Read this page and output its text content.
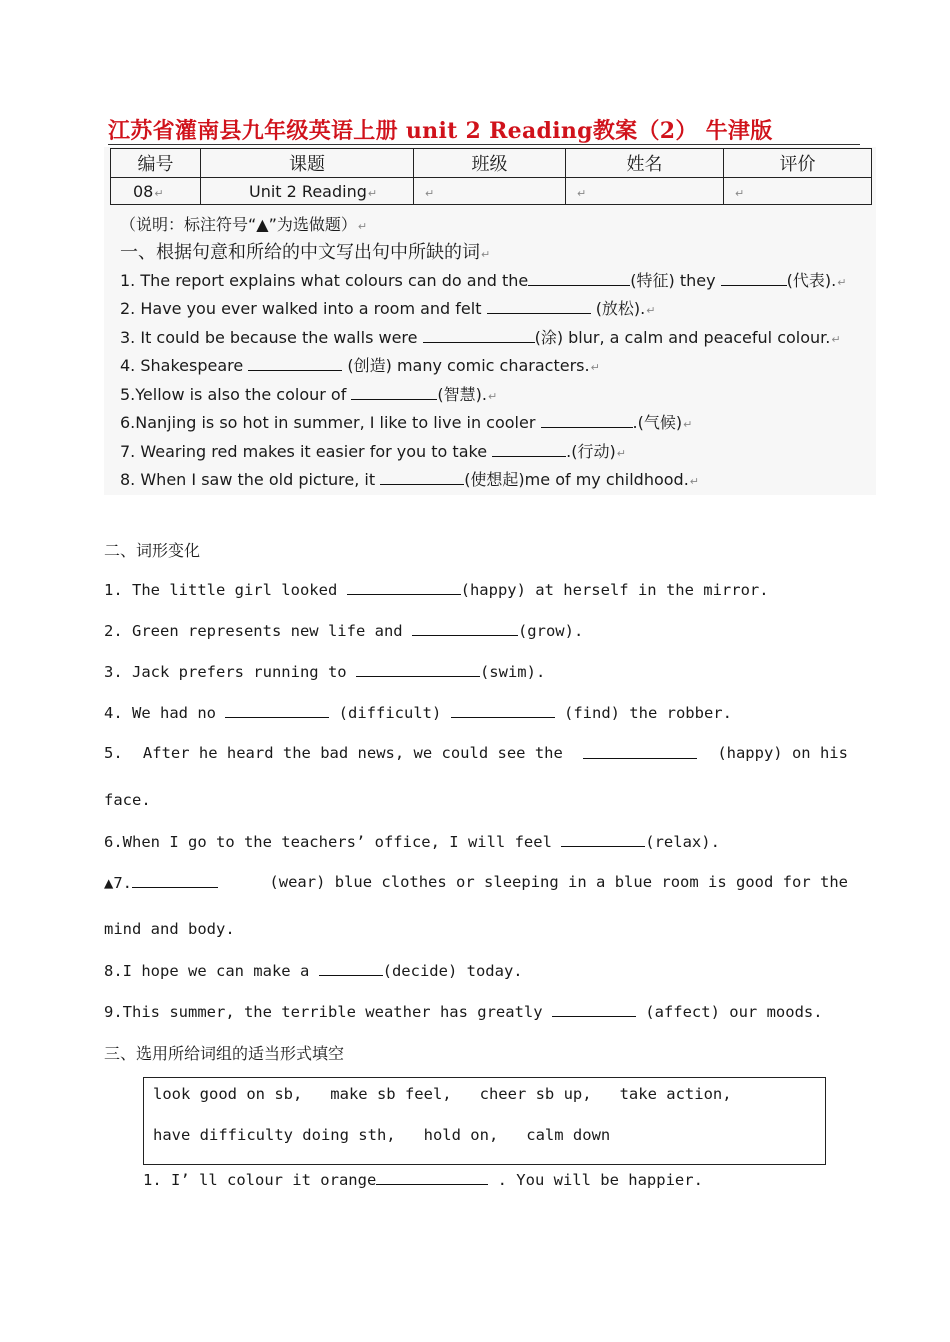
江苏省灌南县九年级英语上册 unit 2 Reading教案（2） 牛津版
编号	课题	班级	姓名	评价
08↵	Unit 2 Reading↵	↵	↵	↵
（说明：标注符号“▲”为选做题）↵
一、根据句意和所给的中文写出句中所缺的词↵
1. The report explains what colours can do and the	(特征) they	(代表).↵
2. Have you ever walked into a room and felt	(放松).↵
3. It could be because the walls were	(涂) blur, a calm and peaceful colour.↵
4. Shakespeare	(创造) many comic characters.↵
5.Yellow is also the colour of	(智慧).↵
6.Nanjing is so hot in summer, I like to live in cooler	.(气候)↵
7. Wearing red makes it easier for you to take	.(行动)↵
8. When I saw the old picture, it	(使想起)me of my childhood.↵
二、词形变化
1. The little girl looked	(happy) at herself in the mirror.
2. Green represents new life and	(grow).
3. Jack prefers running to	(swim).
4. We had no	(difficult)	(find) the robber.
5. After he heard the bad news, we could see the	(happy) on his
face.
6.When I go to the teachers’ office, I will feel	(relax).
▲7.	(wear) blue clothes or sleeping in a blue room is good for the
mind and body.
8.I hope we can make a	(decide) today.
9.This summer, the terrible weather has greatly	(affect) our moods.
三、选用所给词组的适当形式填空
look good on sb,   make sb feel,   cheer sb up,   take action,
have difficulty doing sth,   hold on,   calm down
1. I’ ll colour it orange	. You will be happier.
